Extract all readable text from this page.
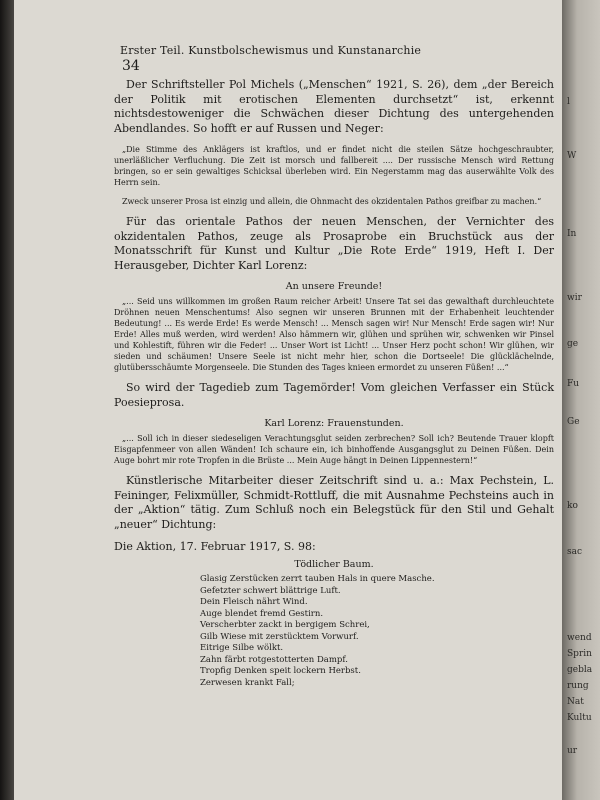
Erster Teil. Kunstbolschewismus und Kunstanarchie
34

Der Schriftsteller Pol Michels („Menschen“ 1921, S. 26), dem „der Bereich der Politik mit erotischen Elementen durchsetzt“ ist, erkennt nichtsdestoweniger die Schwächen dieser Dichtung des untergehenden Abendlandes. So hofft er auf Russen und Neger:

„Die Stimme des Anklägers ist kraftlos, und er findet nicht die steilen Sätze hochgeschraubter, unerläßlicher Verfluchung. Die Zeit ist morsch und fallbereit .... Der russische Mensch wird Rettung bringen, so er sein gewaltiges Schicksal überleben wird. Ein Negerstamm mag das auserwählte Volk des Herrn sein.

Zweck unserer Prosa ist einzig und allein, die Ohnmacht des okzidentalen Pathos greifbar zu machen.“

Für das orientale Pathos der neuen Menschen, der Vernichter des okzidentalen Pathos, zeuge als Prosaprobe ein Bruchstück aus der Monatsschrift für Kunst und Kultur „Die Rote Erde“ 1919, Heft I. Der Herausgeber, Dichter Karl Lorenz:

An unsere Freunde!

„... Seid uns willkommen im großen Raum reicher Arbeit! Unsere Tat sei das gewalthaft durchleuchtete Dröhnen neuen Menschentums! Also segnen wir unseren Brunnen mit der Erhabenheit leuchtender Bedeutung! ... Es werde Erde! Es werde Mensch! ... Mensch sagen wir! Nur Mensch! Erde sagen wir! Nur Erde! Alles muß werden, wird werden! Also hämmern wir, glühen und sprühen wir, schwenken wir Pinsel und Kohlestift, führen wir die Feder! ... Unser Wort ist Licht! ... Unser Herz pocht schon! Wir glühen, wir sieden und schäumen! Unsere Seele ist nicht mehr hier, schon die Dortseele! Die glücklächelnde, glutübersschäumte Morgenseele. Die Stunden des Tages knieen ermordet zu unseren Füßen! ...“

So wird der Tagedieb zum Tagemörder! Vom gleichen Verfasser ein Stück Poesieprosa.

Karl Lorenz: Frauenstunden.

„... Soll ich in dieser siedeseligen Verachtungsglut seiden zerbrechen? Soll ich? Beutende Trauer klopft Eisgapfenmeer von allen Wänden! Ich schaure ein, ich binhoffende Ausgangsglut zu Deinen Füßen. Dein Auge bohrt mir rote Tropfen in die Brüste ... Mein Auge hängt in Deinen Lippennestern!“

Künstlerische Mitarbeiter dieser Zeitschrift sind u. a.: Max Pechstein, L. Feininger, Felixmüller, Schmidt-Rottluff, die mit Ausnahme Pechsteins auch in der „Aktion“ tätig. Zum Schluß noch ein Belegstück für den Stil und Gehalt „neuer“ Dichtung:

Die Aktion, 17. Februar 1917, S. 98:
Tödlicher Baum.
Glasig Zerstücken zerrt tauben Hals in quere Masche.
Gefetzter schwert blättrige Luft.
Dein Fleisch nährt Wind.
Auge blendet fremd Gestirn.
Verscherbter zackt in bergigem Schrei,
Gilb Wiese mit zerstücktem Vorwurf.
Eitrige Silbe wölkt.
Zahn färbt rotgestotterten Dampf.
Tropfig Denken speit lockern Herbst.
Zerwesen krankt Fall;
l
W
In
wir
ge
Fu
Ge
ko
sac
wend
Sprin
gebla
rung
Nat
Kultu
ur
